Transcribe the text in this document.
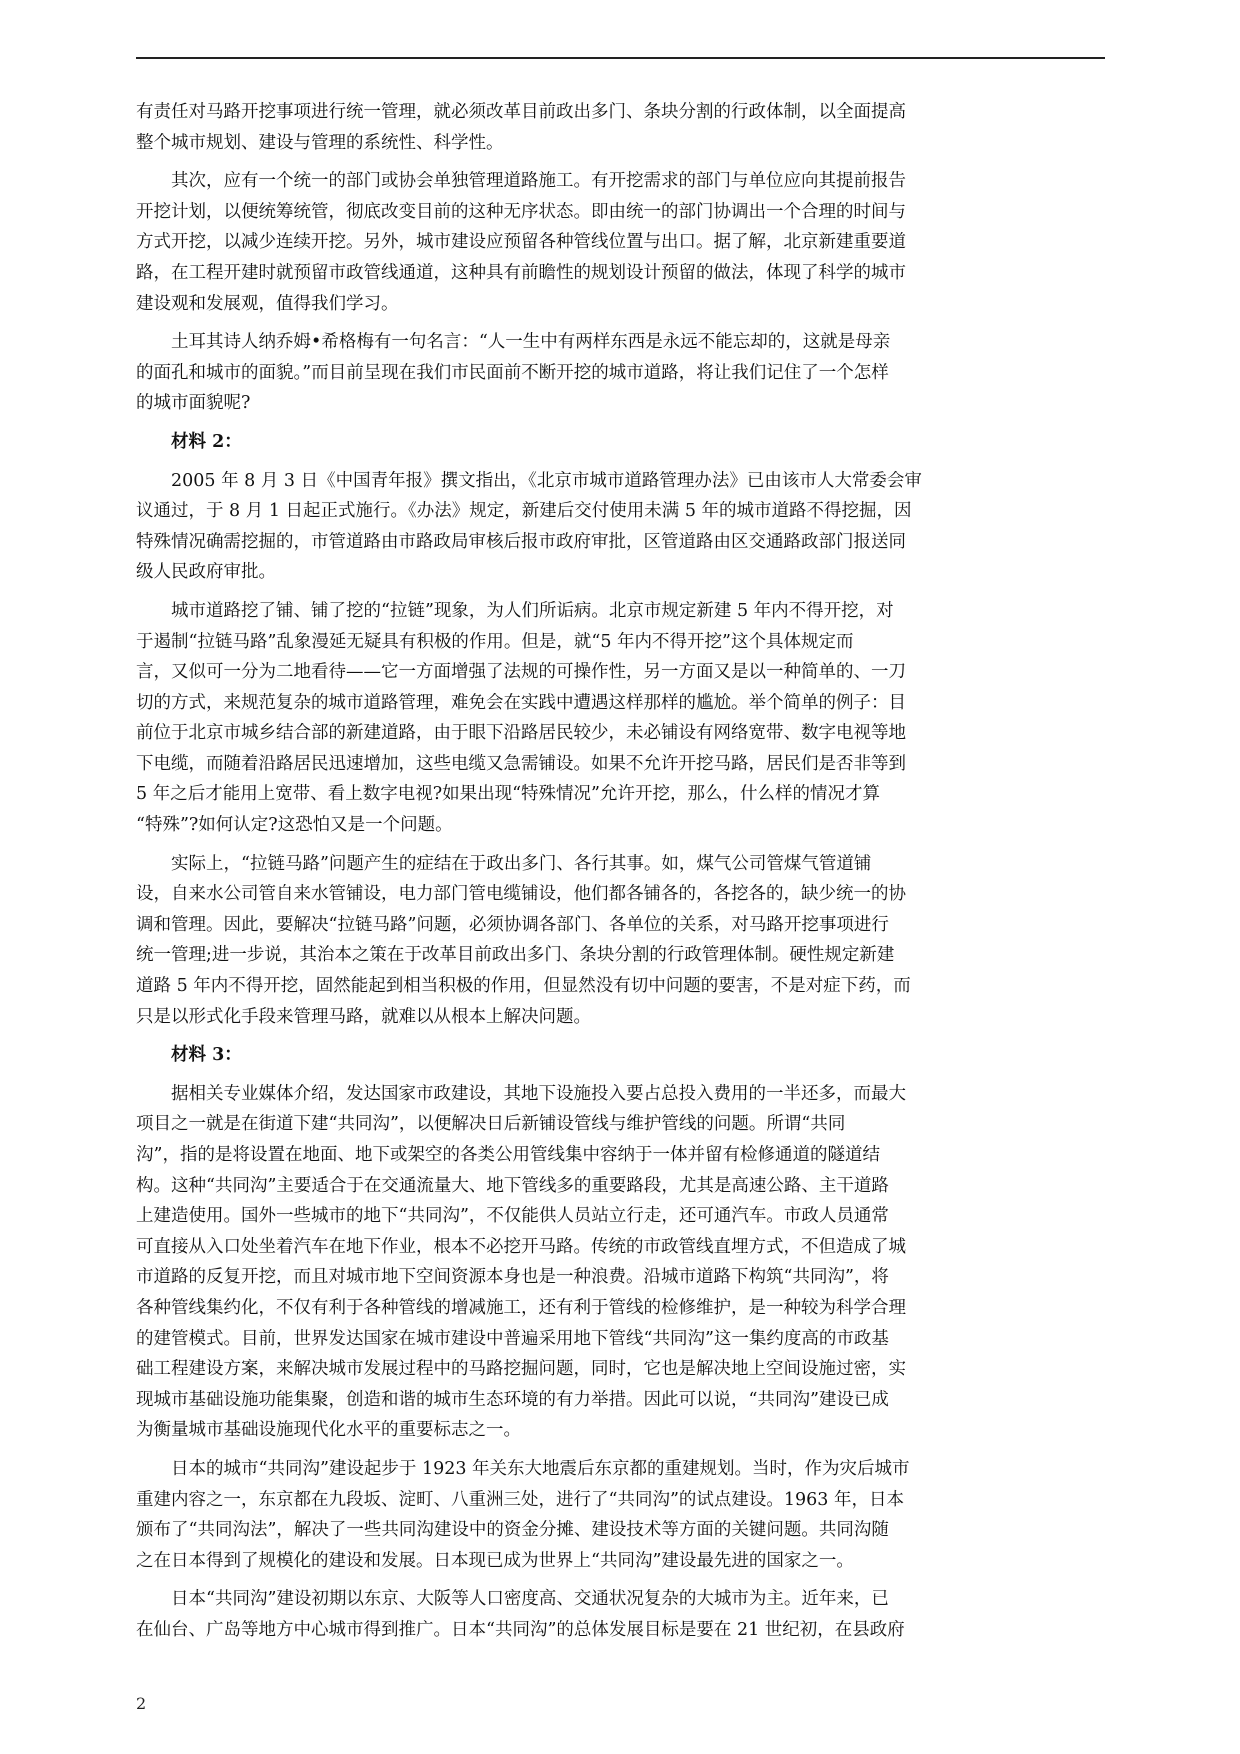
有责任对马路开挖事项进行统一管理，就必须改革目前政出多门、条块分割的行政体制，以全面提高
整个城市规划、建设与管理的系统性、科学性。

其次，应有一个统一的部门或协会单独管理道路施工。有开挖需求的部门与单位应向其提前报告
开挖计划，以便统筹统管，彻底改变目前的这种无序状态。即由统一的部门协调出一个合理的时间与
方式开挖，以减少连续开挖。另外，城市建设应预留各种管线位置与出口。据了解，北京新建重要道
路，在工程开建时就预留市政管线通道，这种具有前瞻性的规划设计预留的做法，体现了科学的城市
建设观和发展观，值得我们学习。

土耳其诗人纳乔姆•希格梅有一句名言：“人一生中有两样东西是永远不能忘却的，这就是母亲
的面孔和城市的面貌。”而目前呈现在我们市民面前不断开挖的城市道路，将让我们记住了一个怎样
的城市面貌呢?

材料 2：

2005 年 8 月 3 日《中国青年报》撰文指出，《北京市城市道路管理办法》已由该市人大常委会审
议通过，于 8 月 1 日起正式施行。《办法》规定，新建后交付使用未满 5 年的城市道路不得挖掘，因
特殊情况确需挖掘的，市管道路由市路政局审核后报市政府审批，区管道路由区交通路政部门报送同
级人民政府审批。

城市道路挖了铺、铺了挖的“拉链”现象，为人们所诟病。北京市规定新建 5 年内不得开挖，对
于遏制“拉链马路”乱象漫延无疑具有积极的作用。但是，就“5 年内不得开挖”这个具体规定而
言，又似可一分为二地看待——它一方面增强了法规的可操作性，另一方面又是以一种简单的、一刀
切的方式，来规范复杂的城市道路管理，难免会在实践中遭遇这样那样的尴尬。举个简单的例子：目
前位于北京市城乡结合部的新建道路，由于眼下沿路居民较少，未必铺设有网络宽带、数字电视等地
下电缆，而随着沿路居民迅速增加，这些电缆又急需铺设。如果不允许开挖马路，居民们是否非等到
5 年之后才能用上宽带、看上数字电视?如果出现“特殊情况”允许开挖，那么，什么样的情况才算
“特殊”?如何认定?这恐怕又是一个问题。

实际上，“拉链马路”问题产生的症结在于政出多门、各行其事。如，煤气公司管煤气管道铺
设，自来水公司管自来水管铺设，电力部门管电缆铺设，他们都各铺各的，各挖各的，缺少统一的协
调和管理。因此，要解决“拉链马路”问题，必须协调各部门、各单位的关系，对马路开挖事项进行
统一管理;进一步说，其治本之策在于改革目前政出多门、条块分割的行政管理体制。硬性规定新建
道路 5 年内不得开挖，固然能起到相当积极的作用，但显然没有切中问题的要害，不是对症下药，而
只是以形式化手段来管理马路，就难以从根本上解决问题。

材料 3：

据相关专业媒体介绍，发达国家市政建设，其地下设施投入要占总投入费用的一半还多，而最大
项目之一就是在街道下建“共同沟”，以便解决日后新铺设管线与维护管线的问题。所谓“共同
沟”，指的是将设置在地面、地下或架空的各类公用管线集中容纳于一体并留有检修通道的隧道结
构。这种“共同沟”主要适合于在交通流量大、地下管线多的重要路段，尤其是高速公路、主干道路
上建造使用。国外一些城市的地下“共同沟”，不仅能供人员站立行走，还可通汽车。市政人员通常
可直接从入口处坐着汽车在地下作业，根本不必挖开马路。传统的市政管线直埋方式，不但造成了城
市道路的反复开挖，而且对城市地下空间资源本身也是一种浪费。沿城市道路下构筑“共同沟”，将
各种管线集约化，不仅有利于各种管线的增减施工，还有利于管线的检修维护，是一种较为科学合理
的建管模式。目前，世界发达国家在城市建设中普遍采用地下管线“共同沟”这一集约度高的市政基
础工程建设方案，来解决城市发展过程中的马路挖掘问题，同时，它也是解决地上空间设施过密，实
现城市基础设施功能集聚，创造和谐的城市生态环境的有力举措。因此可以说，“共同沟”建设已成
为衡量城市基础设施现代化水平的重要标志之一。

日本的城市“共同沟”建设起步于 1923 年关东大地震后东京都的重建规划。当时，作为灾后城市
重建内容之一，东京都在九段坂、淀町、八重洲三处，进行了“共同沟”的试点建设。1963 年，日本
颁布了“共同沟法”，解决了一些共同沟建设中的资金分摊、建设技术等方面的关键问题。共同沟随
之在日本得到了规模化的建设和发展。日本现已成为世界上“共同沟”建设最先进的国家之一。

日本“共同沟”建设初期以东京、大阪等人口密度高、交通状况复杂的大城市为主。近年来，已
在仙台、广岛等地方中心城市得到推广。日本“共同沟”的总体发展目标是要在 21 世纪初，在县政府

2
